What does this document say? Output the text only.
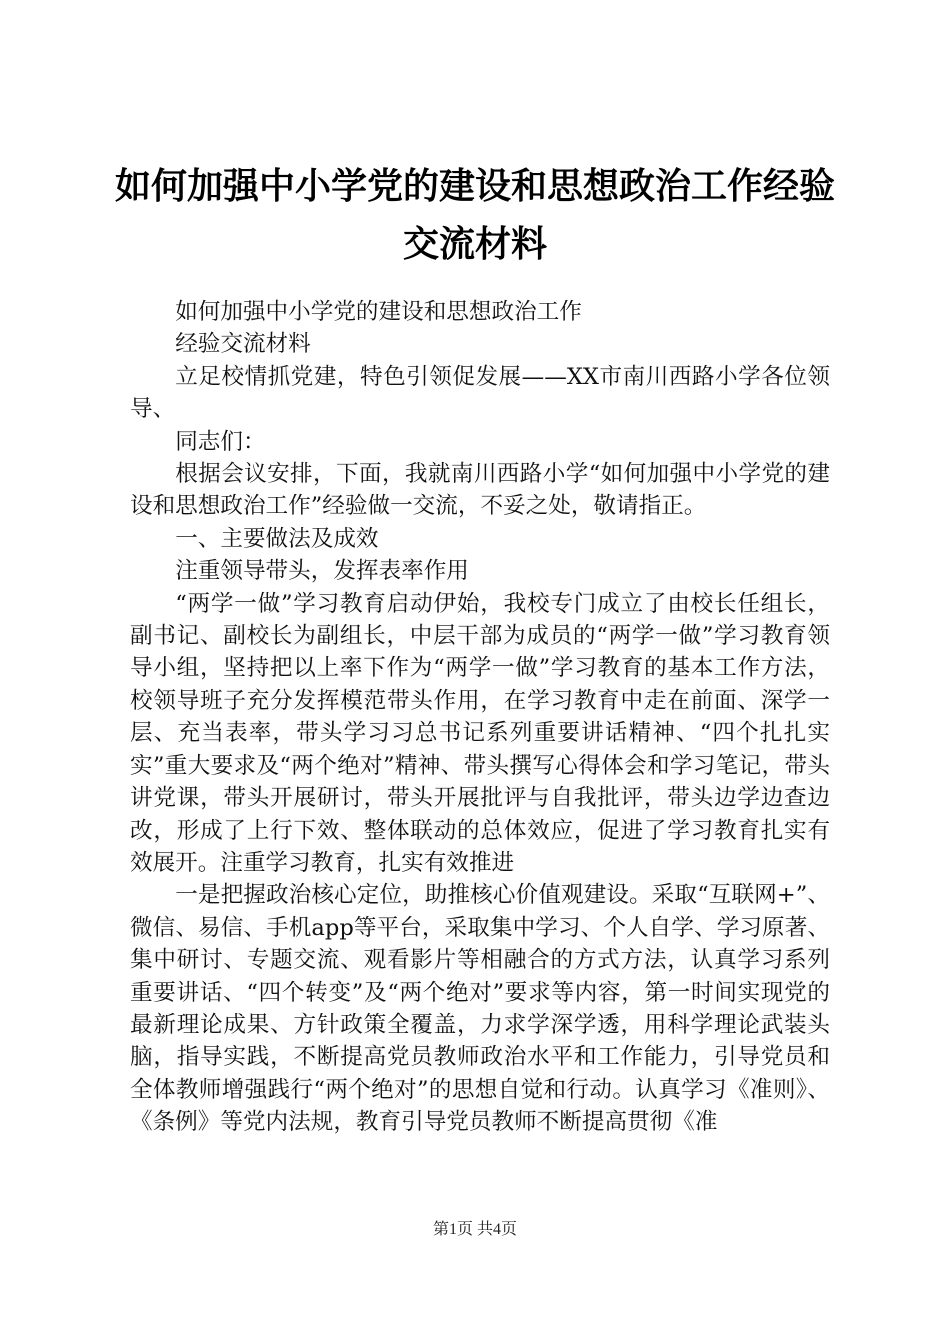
如何加强中小学党的建设和思想政治工作经验
交流材料

如何加强中小学党的建设和思想政治工作

经验交流材料

立足校情抓党建，特色引领促发展——XX市南川西路小学各位领导、

同志们：

根据会议安排，下面，我就南川西路小学“如何加强中小学党的建设和思想政治工作”经验做一交流，不妥之处，敬请指正。

一、主要做法及成效

注重领导带头，发挥表率作用

“两学一做”学习教育启动伊始，我校专门成立了由校长任组长，副书记、副校长为副组长，中层干部为成员的“两学一做”学习教育领导小组，坚持把以上率下作为“两学一做”学习教育的基本工作方法，校领导班子充分发挥模范带头作用，在学习教育中走在前面、深学一层、充当表率，带头学习习总书记系列重要讲话精神、“四个扎扎实实”重大要求及“两个绝对”精神、带头撰写心得体会和学习笔记，带头讲党课，带头开展研讨，带头开展批评与自我批评，带头边学边查边改，形成了上行下效、整体联动的总体效应，促进了学习教育扎实有效展开。注重学习教育，扎实有效推进

一是把握政治核心定位，助推核心价值观建设。采取“互联网+”、微信、易信、手机app等平台，采取集中学习、个人自学、学习原著、集中研讨、专题交流、观看影片等相融合的方式方法，认真学习系列重要讲话、“四个转变”及“两个绝对”要求等内容，第一时间实现党的最新理论成果、方针政策全覆盖，力求学深学透，用科学理论武装头脑，指导实践，不断提高党员教师政治水平和工作能力，引导党员和全体教师增强践行“两个绝对”的思想自觉和行动。认真学习《准则》、《条例》等党内法规，教育引导党员教师不断提高贯彻《准

第1页 共4页
